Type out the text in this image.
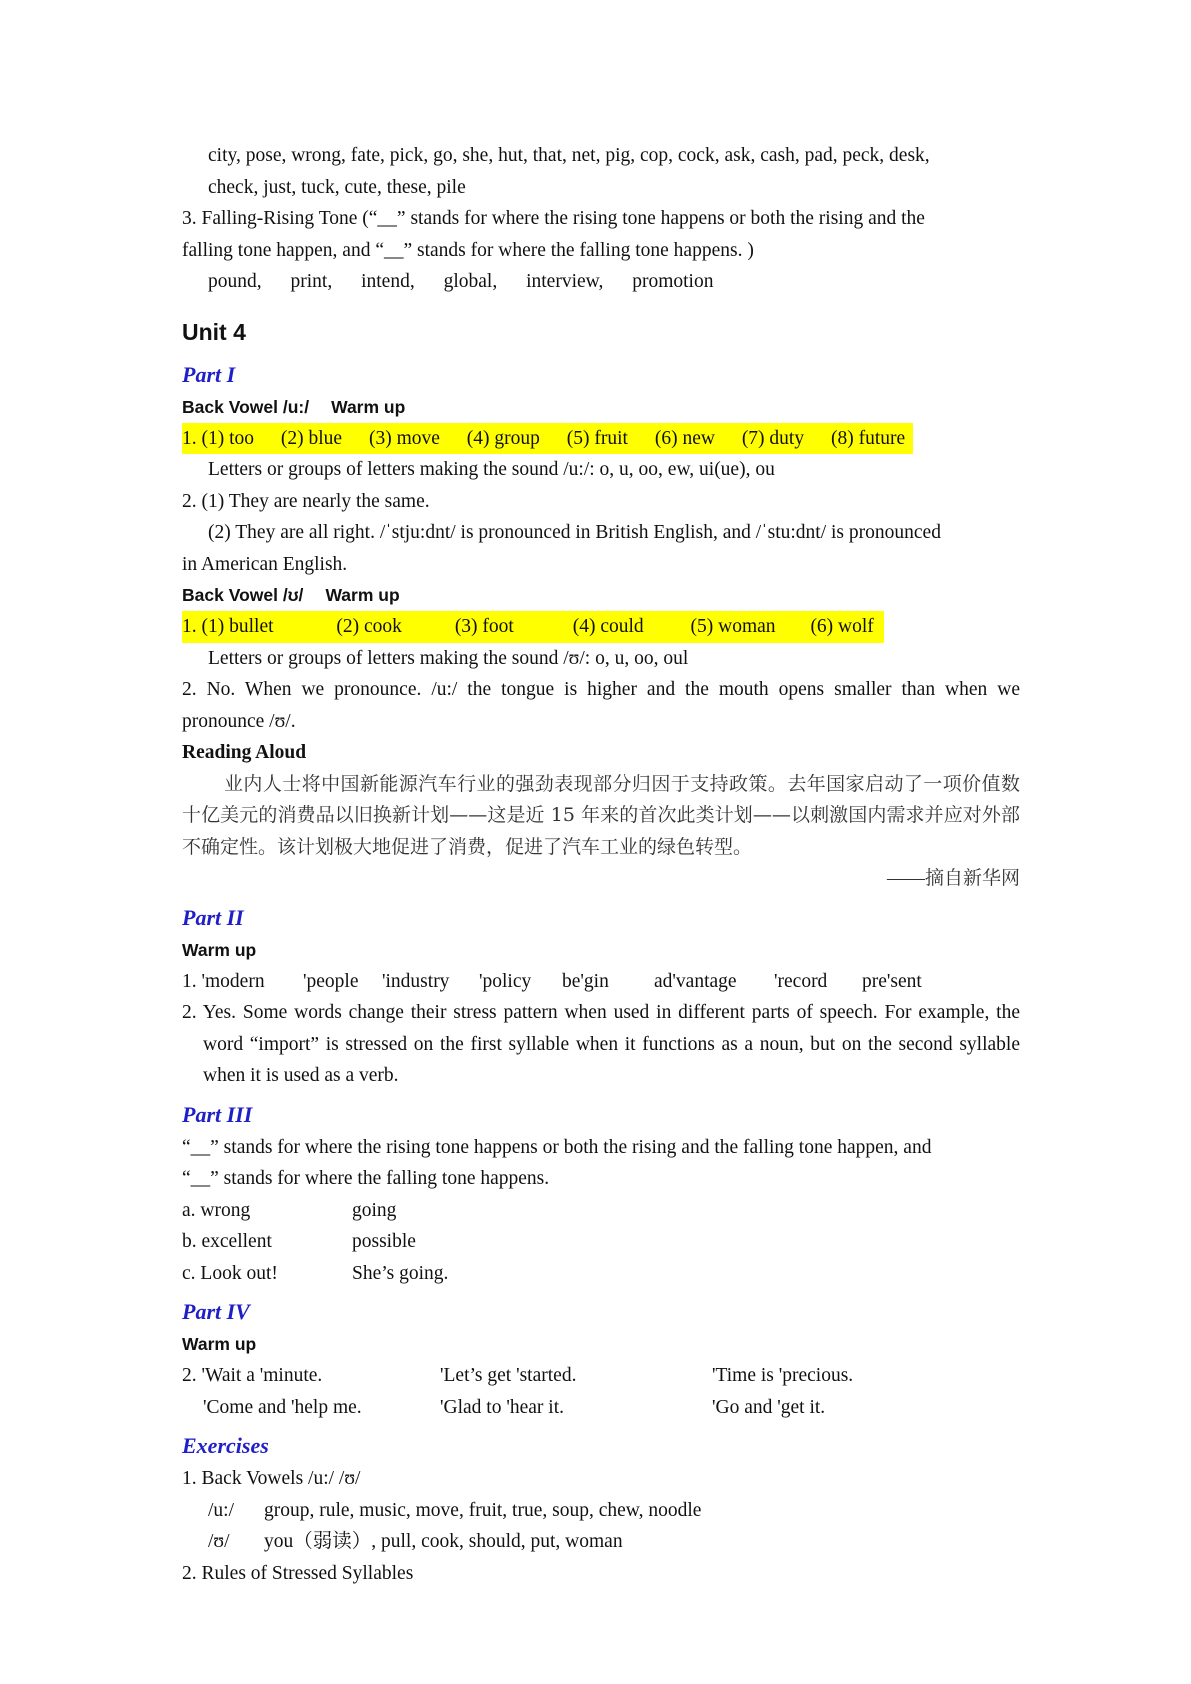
city, pose, wrong, fate, pick, go, she, hut, that, net, pig, cop, cock, ask, cash, pad, peck, desk,
check, just, tuck, cute, these, pile
3. Falling-Rising Tone (“__” stands for where the rising tone happens or both the rising and the
falling tone happen, and “__” stands for where the falling tone happens. )
pound, print, intend, global, interview, promotion
Unit 4
Part I
Back Vowel /u:/ Warm up
1. (1) too (2) blue (3) move (4) group (5) fruit (6) new (7) duty (8) future
Letters or groups of letters making the sound /u:/: o, u, oo, ew, ui(ue), ou
2. (1) They are nearly the same.
(2) They are all right. /ˈstju:dnt/ is pronounced in British English, and /ˈstu:dnt/ is pronounced
in American English.
Back Vowel /ʊ/ Warm up
1. (1) bullet	(2) cook	(3) foot	(4) could (5) woman (6) wolf
Letters or groups of letters making the sound /ʊ/: o, u, oo, oul
2. No. When we pronounce. /u:/ the tongue is higher and the mouth opens smaller than when we pronounce /ʊ/.
Reading Aloud
业内人士将中国新能源汽车行业的强劲表现部分归因于支持政策。去年国家启动了一项价值数十亿美元的消费品以旧换新计划——这是近 15 年来的首次此类计划——以刺激国内需求并应对外部不确定性。该计划极大地促进了消费，促进了汽车工业的绿色转型。
——摘自新华网
Part II
Warm up
1. 'modern 'people 'industry 'policy be'gin ad'vantage 'record pre'sent
2. Yes. Some words change their stress pattern when used in different parts of speech. For example, the word “import” is stressed on the first syllable when it functions as a noun, but on the second syllable when it is used as a verb.
Part III
“__” stands for where the rising tone happens or both the rising and the falling tone happen, and
“__” stands for where the falling tone happens.
a. wrong	going
b. excellent	possible
c. Look out!	She’s going.
Part IV
Warm up
2. 'Wait a 'minute.	'Let’s get 'started.	'Time is 'precious.
'Come and 'help me.	'Glad to 'hear it.	'Go and 'get it.
Exercises
1. Back Vowels /u:/ /ʊ/
/u:/ group, rule, music, move, fruit, true, soup, chew, noodle
/ʊ/ you（弱读）, pull, cook, should, put, woman
2. Rules of Stressed Syllables
